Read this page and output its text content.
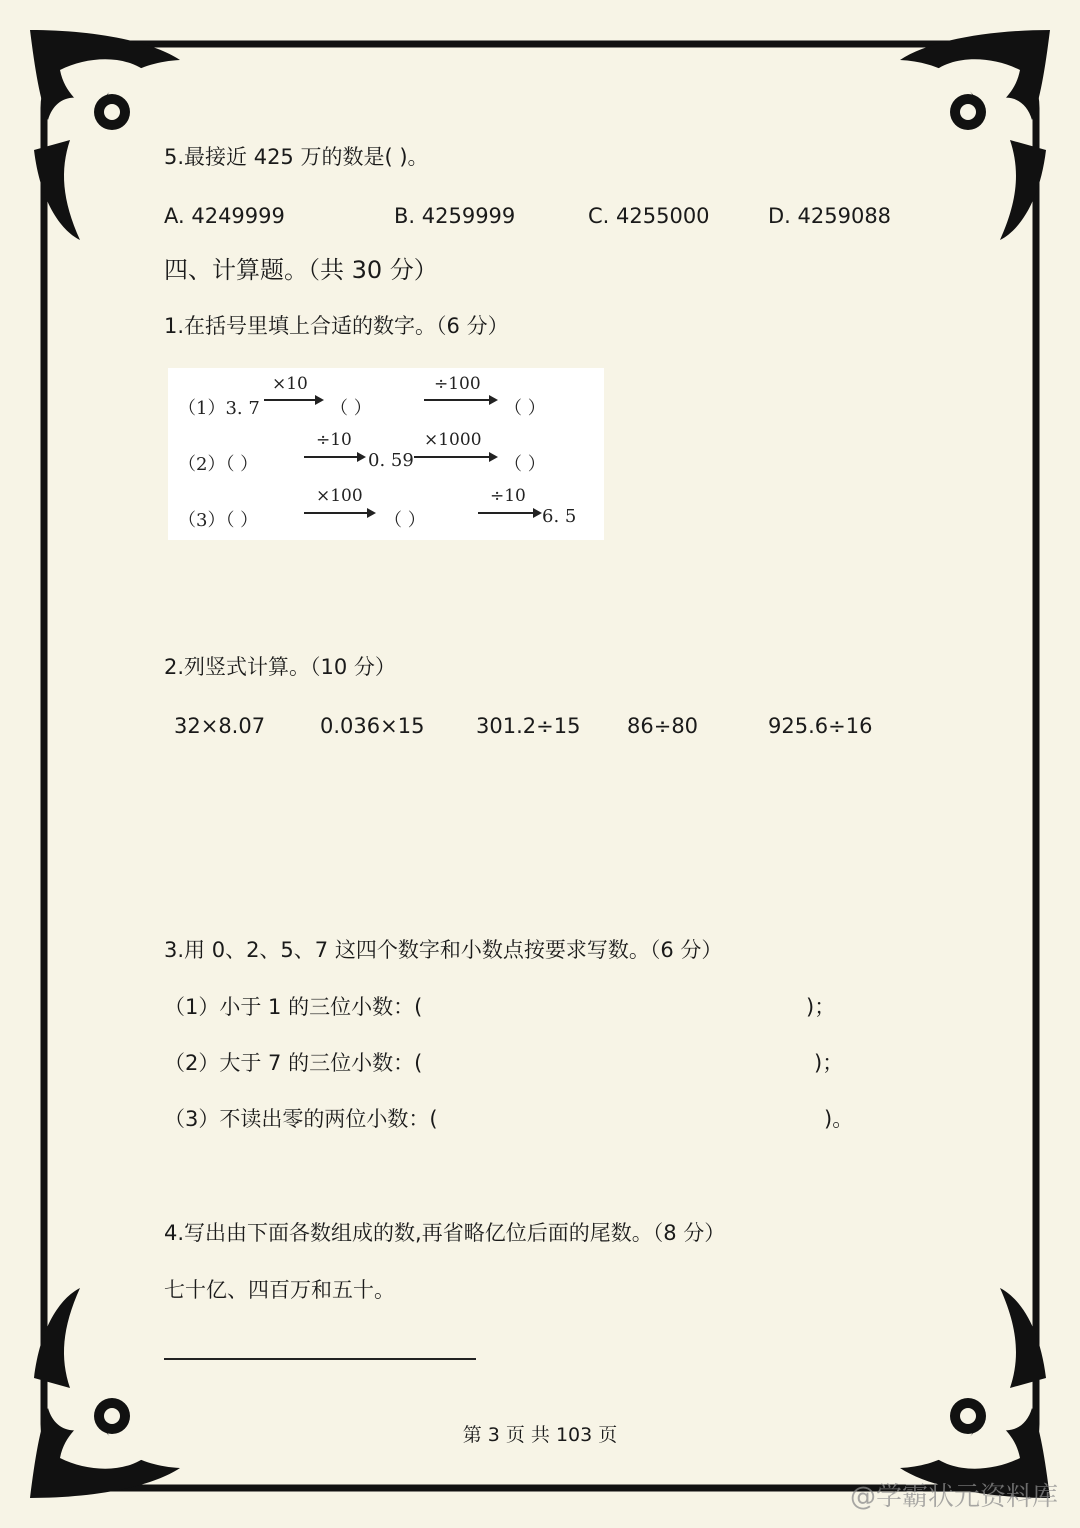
5.最接近 425 万的数是( )。
A. 4249999	B. 4259999	C. 4255000	D. 4259088
四、计算题。（共 30 分）
1.在括号里填上合适的数字。（6 分）
（1）3. 7
×10
（ ）
÷100
（ ）
（2）（ ）
÷10
0. 59
×1000
（ ）
（3）（ ）
×100
（ ）
÷10
6. 5
2.列竖式计算。（10 分）
32×8.07	0.036×15 301.2÷15 86÷80	925.6÷16
3.用 0、2、5、7 这四个数字和小数点按要求写数。（6 分）
（1）小于 1 的三位小数：(	)；
（2）大于 7 的三位小数：(	)；
（3）不读出零的两位小数：(	)。
4.写出由下面各数组成的数,再省略亿位后面的尾数。（8 分）
七十亿、四百万和五十。
第 3 页 共 103 页
@学霸状元资料库
